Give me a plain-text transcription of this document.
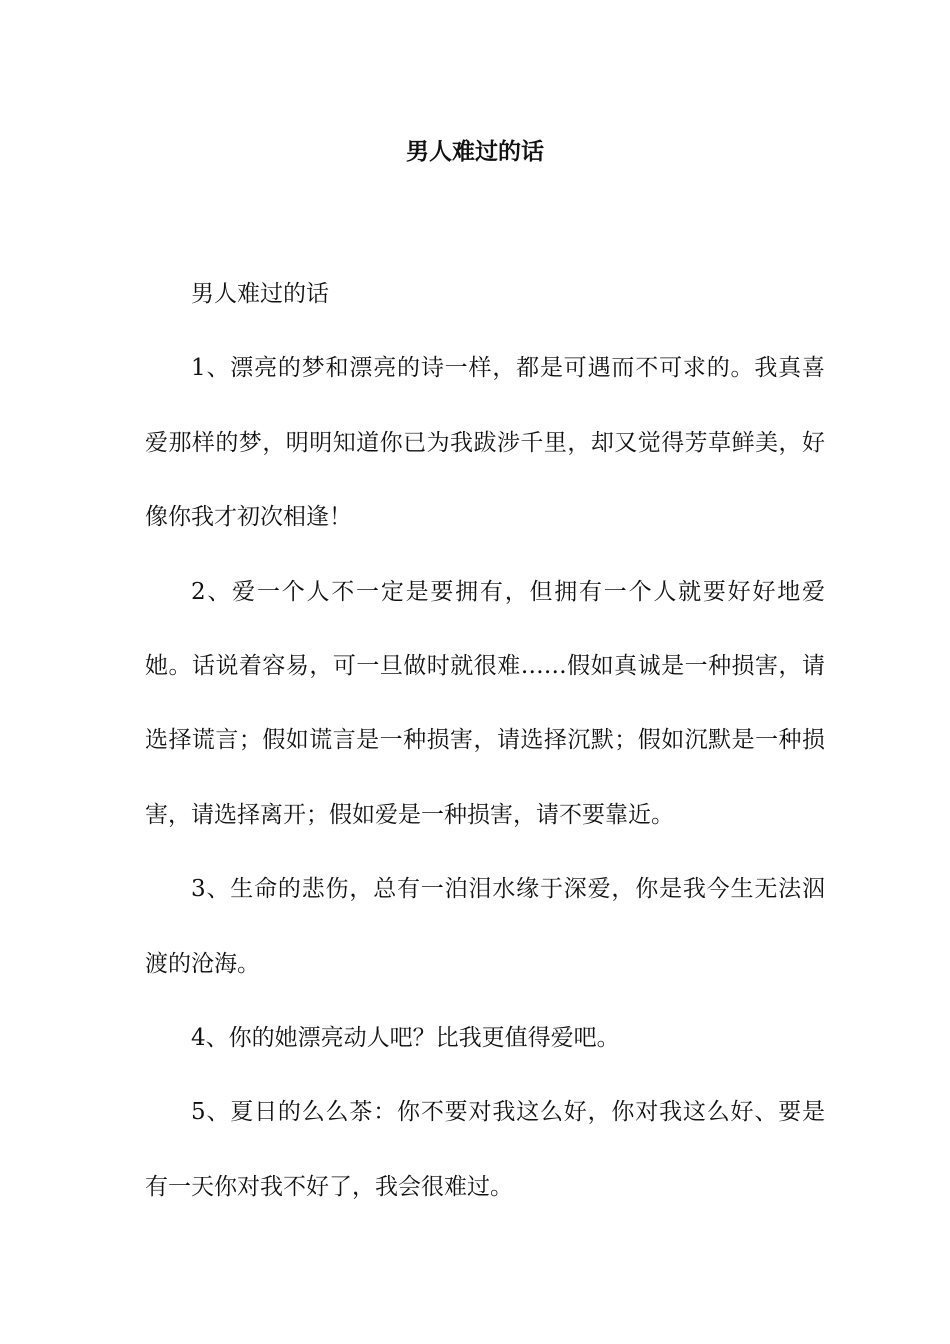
男人难过的话

男人难过的话

1、漂亮的梦和漂亮的诗一样，都是可遇而不可求的。我真喜爱那样的梦，明明知道你已为我跋涉千里，却又觉得芳草鲜美，好像你我才初次相逢！

2、爱一个人不一定是要拥有，但拥有一个人就要好好地爱她。话说着容易，可一旦做时就很难……假如真诚是一种损害，请选择谎言；假如谎言是一种损害，请选择沉默；假如沉默是一种损害，请选择离开；假如爱是一种损害，请不要靠近。

3、生命的悲伤，总有一泊泪水缘于深爱，你是我今生无法泅渡的沧海。

4、你的她漂亮动人吧？比我更值得爱吧。

5、夏日的么么茶：你不要对我这么好，你对我这么好、要是有一天你对我不好了，我会很难过。
